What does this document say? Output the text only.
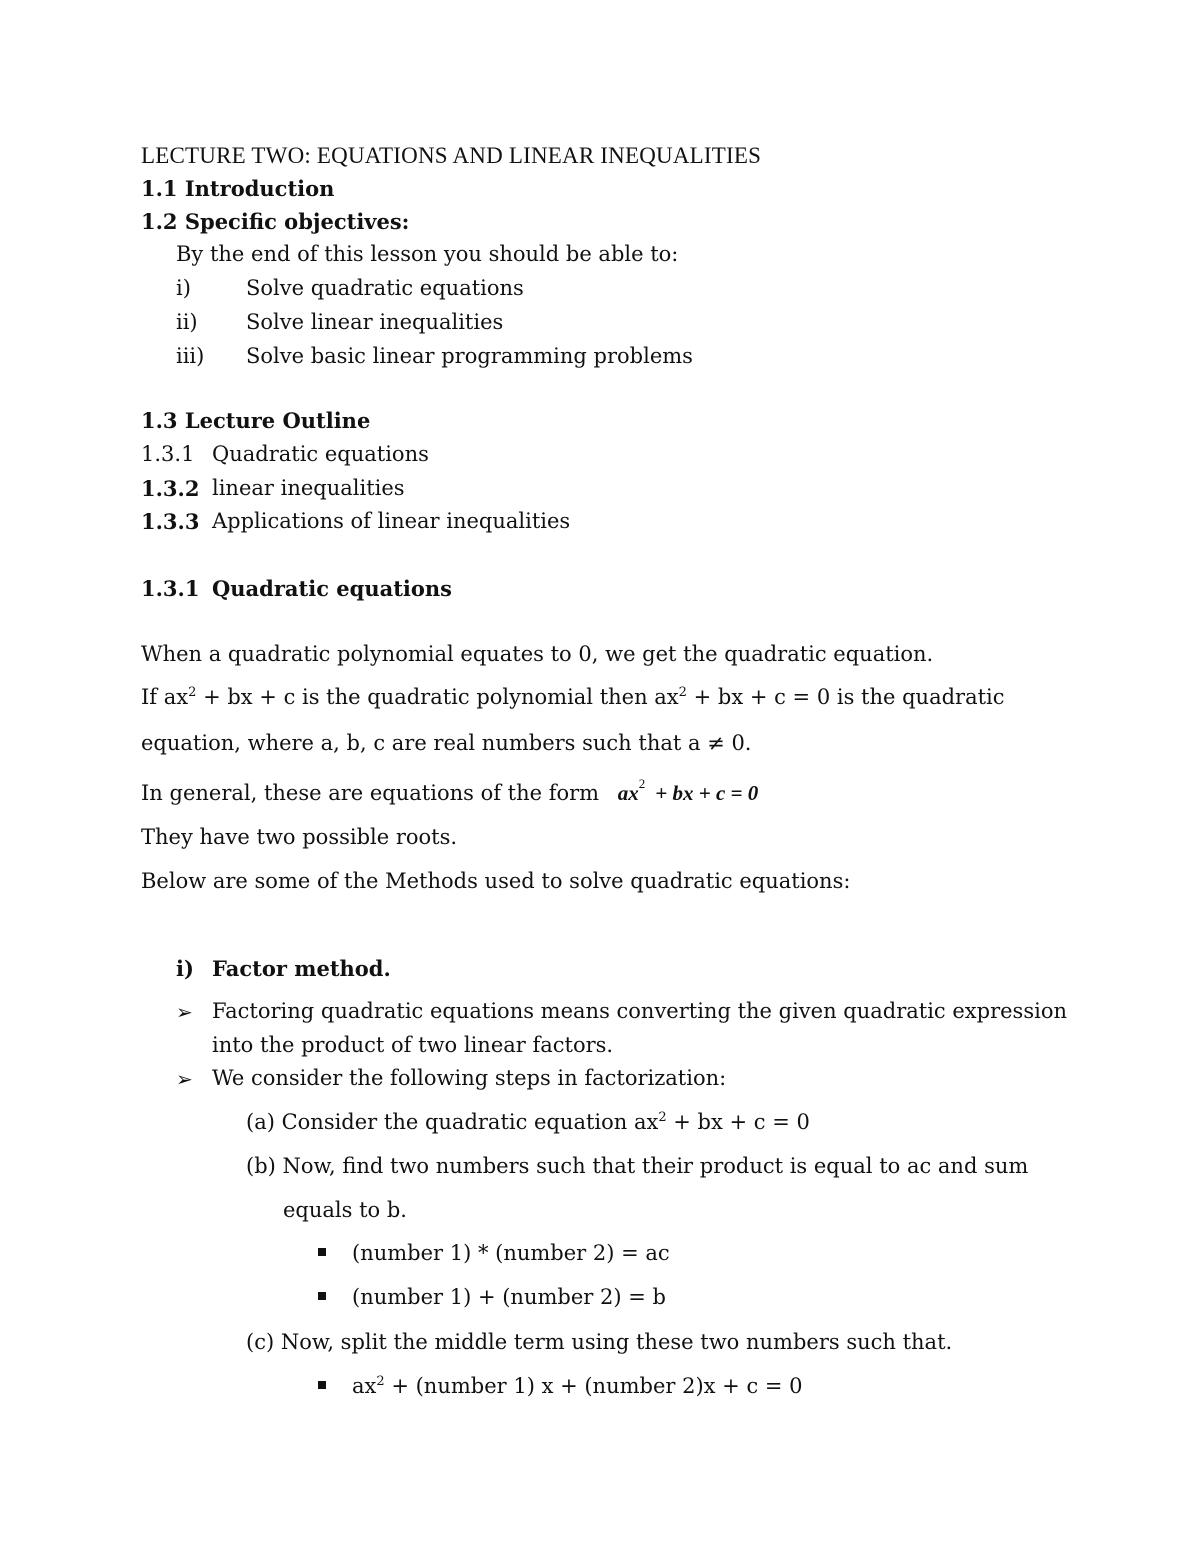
LECTURE TWO: EQUATIONS AND LINEAR INEQUALITIES
1.1 Introduction
1.2 Specific objectives:
By the end of this lesson you should be able to:
i)	Solve quadratic equations
ii) Solve linear inequalities
iii) Solve basic linear programming problems
1.3 Lecture Outline
1.3.1 Quadratic equations
1.3.2 linear inequalities
1.3.3 Applications of linear inequalities
1.3.1 Quadratic equations
When a quadratic polynomial equates to 0, we get the quadratic equation.
If $ax^2$ + bx + c is the quadratic polynomial then $ax^2$ + bx + c = 0 is the quadratic
equation, where a, b, c are real numbers such that a ≠ 0.
In general, these are equations of the form $ax^2$ + bx + c = 0
They have two possible roots.
Below are some of the Methods used to solve quadratic equations:
i) Factor method.
➢ Factoring quadratic equations means converting the given quadratic expression
into the product of two linear factors.
➢ We consider the following steps in factorization:
(a) Consider the quadratic equation $ax^2$ + bx + c = 0
(b) Now, find two numbers such that their product is equal to ac and sum
equals to b.
(number 1) * (number 2) = ac
(number 1) + (number 2) = b
(c) Now, split the middle term using these two numbers such that.
$ax^2$ + (number 1) x + (number 2)x + c = 0
